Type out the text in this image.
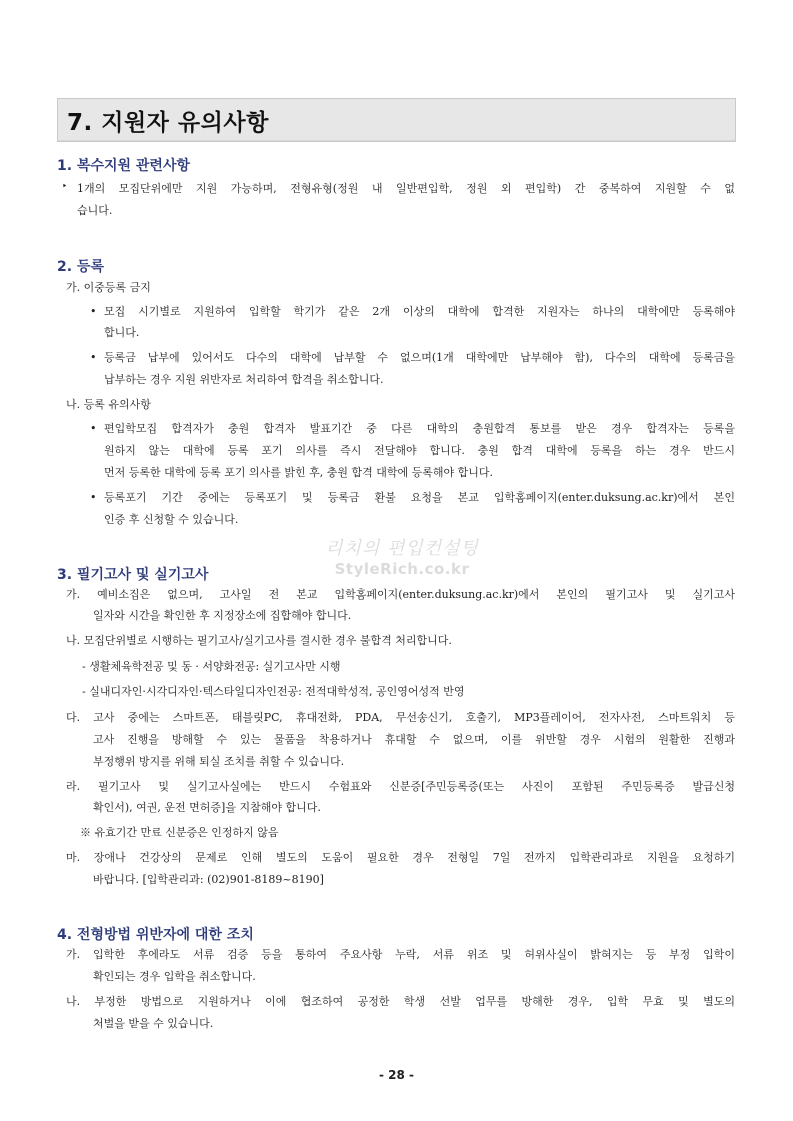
7. 지원자 유의사항
1. 복수지원 관련사항
‣ 1개의 모집단위에만 지원 가능하며, 전형유형(정원 내 일반편입학, 정원 외 편입학) 간 중복하여 지원할 수 없
습니다.
2. 등록
가. 이중등록 금지
• 모집 시기별로 지원하여 입학할 학기가 같은 2개 이상의 대학에 합격한 지원자는 하나의 대학에만 등록해야
합니다.
• 등록금 납부에 있어서도 다수의 대학에 납부할 수 없으며(1개 대학에만 납부해야 함), 다수의 대학에 등록금을
납부하는 경우 지원 위반자로 처리하여 합격을 취소합니다.
나. 등록 유의사항
• 편입학모집 합격자가 충원 합격자 발표기간 중 다른 대학의 충원합격 통보를 받은 경우 합격자는 등록을
원하지 않는 대학에 등록 포기 의사를 즉시 전달해야 합니다. 충원 합격 대학에 등록을 하는 경우 반드시
먼저 등록한 대학에 등록 포기 의사를 밝힌 후, 충원 합격 대학에 등록해야 합니다.
• 등록포기 기간 중에는 등록포기 및 등록금 환불 요청을 본교 입학홈페이지(enter.duksung.ac.kr)에서 본인
인증 후 신청할 수 있습니다.
리치의 편입컨설팅
StyleRich.co.kr
3. 필기고사 및 실기고사
가. 예비소집은 없으며, 고사일 전 본교 입학홈페이지(enter.duksung.ac.kr)에서 본인의 필기고사 및 실기고사
일자와 시간을 확인한 후 지정장소에 집합해야 합니다.
나. 모집단위별로 시행하는 필기고사/실기고사를 결시한 경우 불합격 처리합니다.
- 생활체육학전공 및 동 · 서양화전공: 실기고사만 시행
- 실내디자인·시각디자인·텍스타일디자인전공: 전적대학성적, 공인영어성적 반영
다. 고사 중에는 스마트폰, 태블릿PC, 휴대전화, PDA, 무선송신기, 호출기, MP3플레이어, 전자사전, 스마트워치 등
고사 진행을 방해할 수 있는 물품을 착용하거나 휴대할 수 없으며, 이를 위반할 경우 시험의 원활한 진행과
부정행위 방지를 위해 퇴실 조치를 취할 수 있습니다.
라. 필기고사 및 실기고사실에는 반드시 수험표와 신분증[주민등록증(또는 사진이 포함된 주민등록증 발급신청
확인서), 여권, 운전 면허증]을 지참해야 합니다.
※ 유효기간 만료 신분증은 인정하지 않음
마. 장애나 건강상의 문제로 인해 별도의 도움이 필요한 경우 전형일 7일 전까지 입학관리과로 지원을 요청하기
바랍니다. [입학관리과: (02)901-8189~8190]
4. 전형방법 위반자에 대한 조치
가. 입학한 후에라도 서류 검증 등을 통하여 주요사항 누락, 서류 위조 및 허위사실이 밝혀지는 등 부정 입학이
확인되는 경우 입학을 취소합니다.
나. 부정한 방법으로 지원하거나 이에 협조하여 공정한 학생 선발 업무를 방해한 경우, 입학 무효 및 별도의
처벌을 받을 수 있습니다.
- 28 -
